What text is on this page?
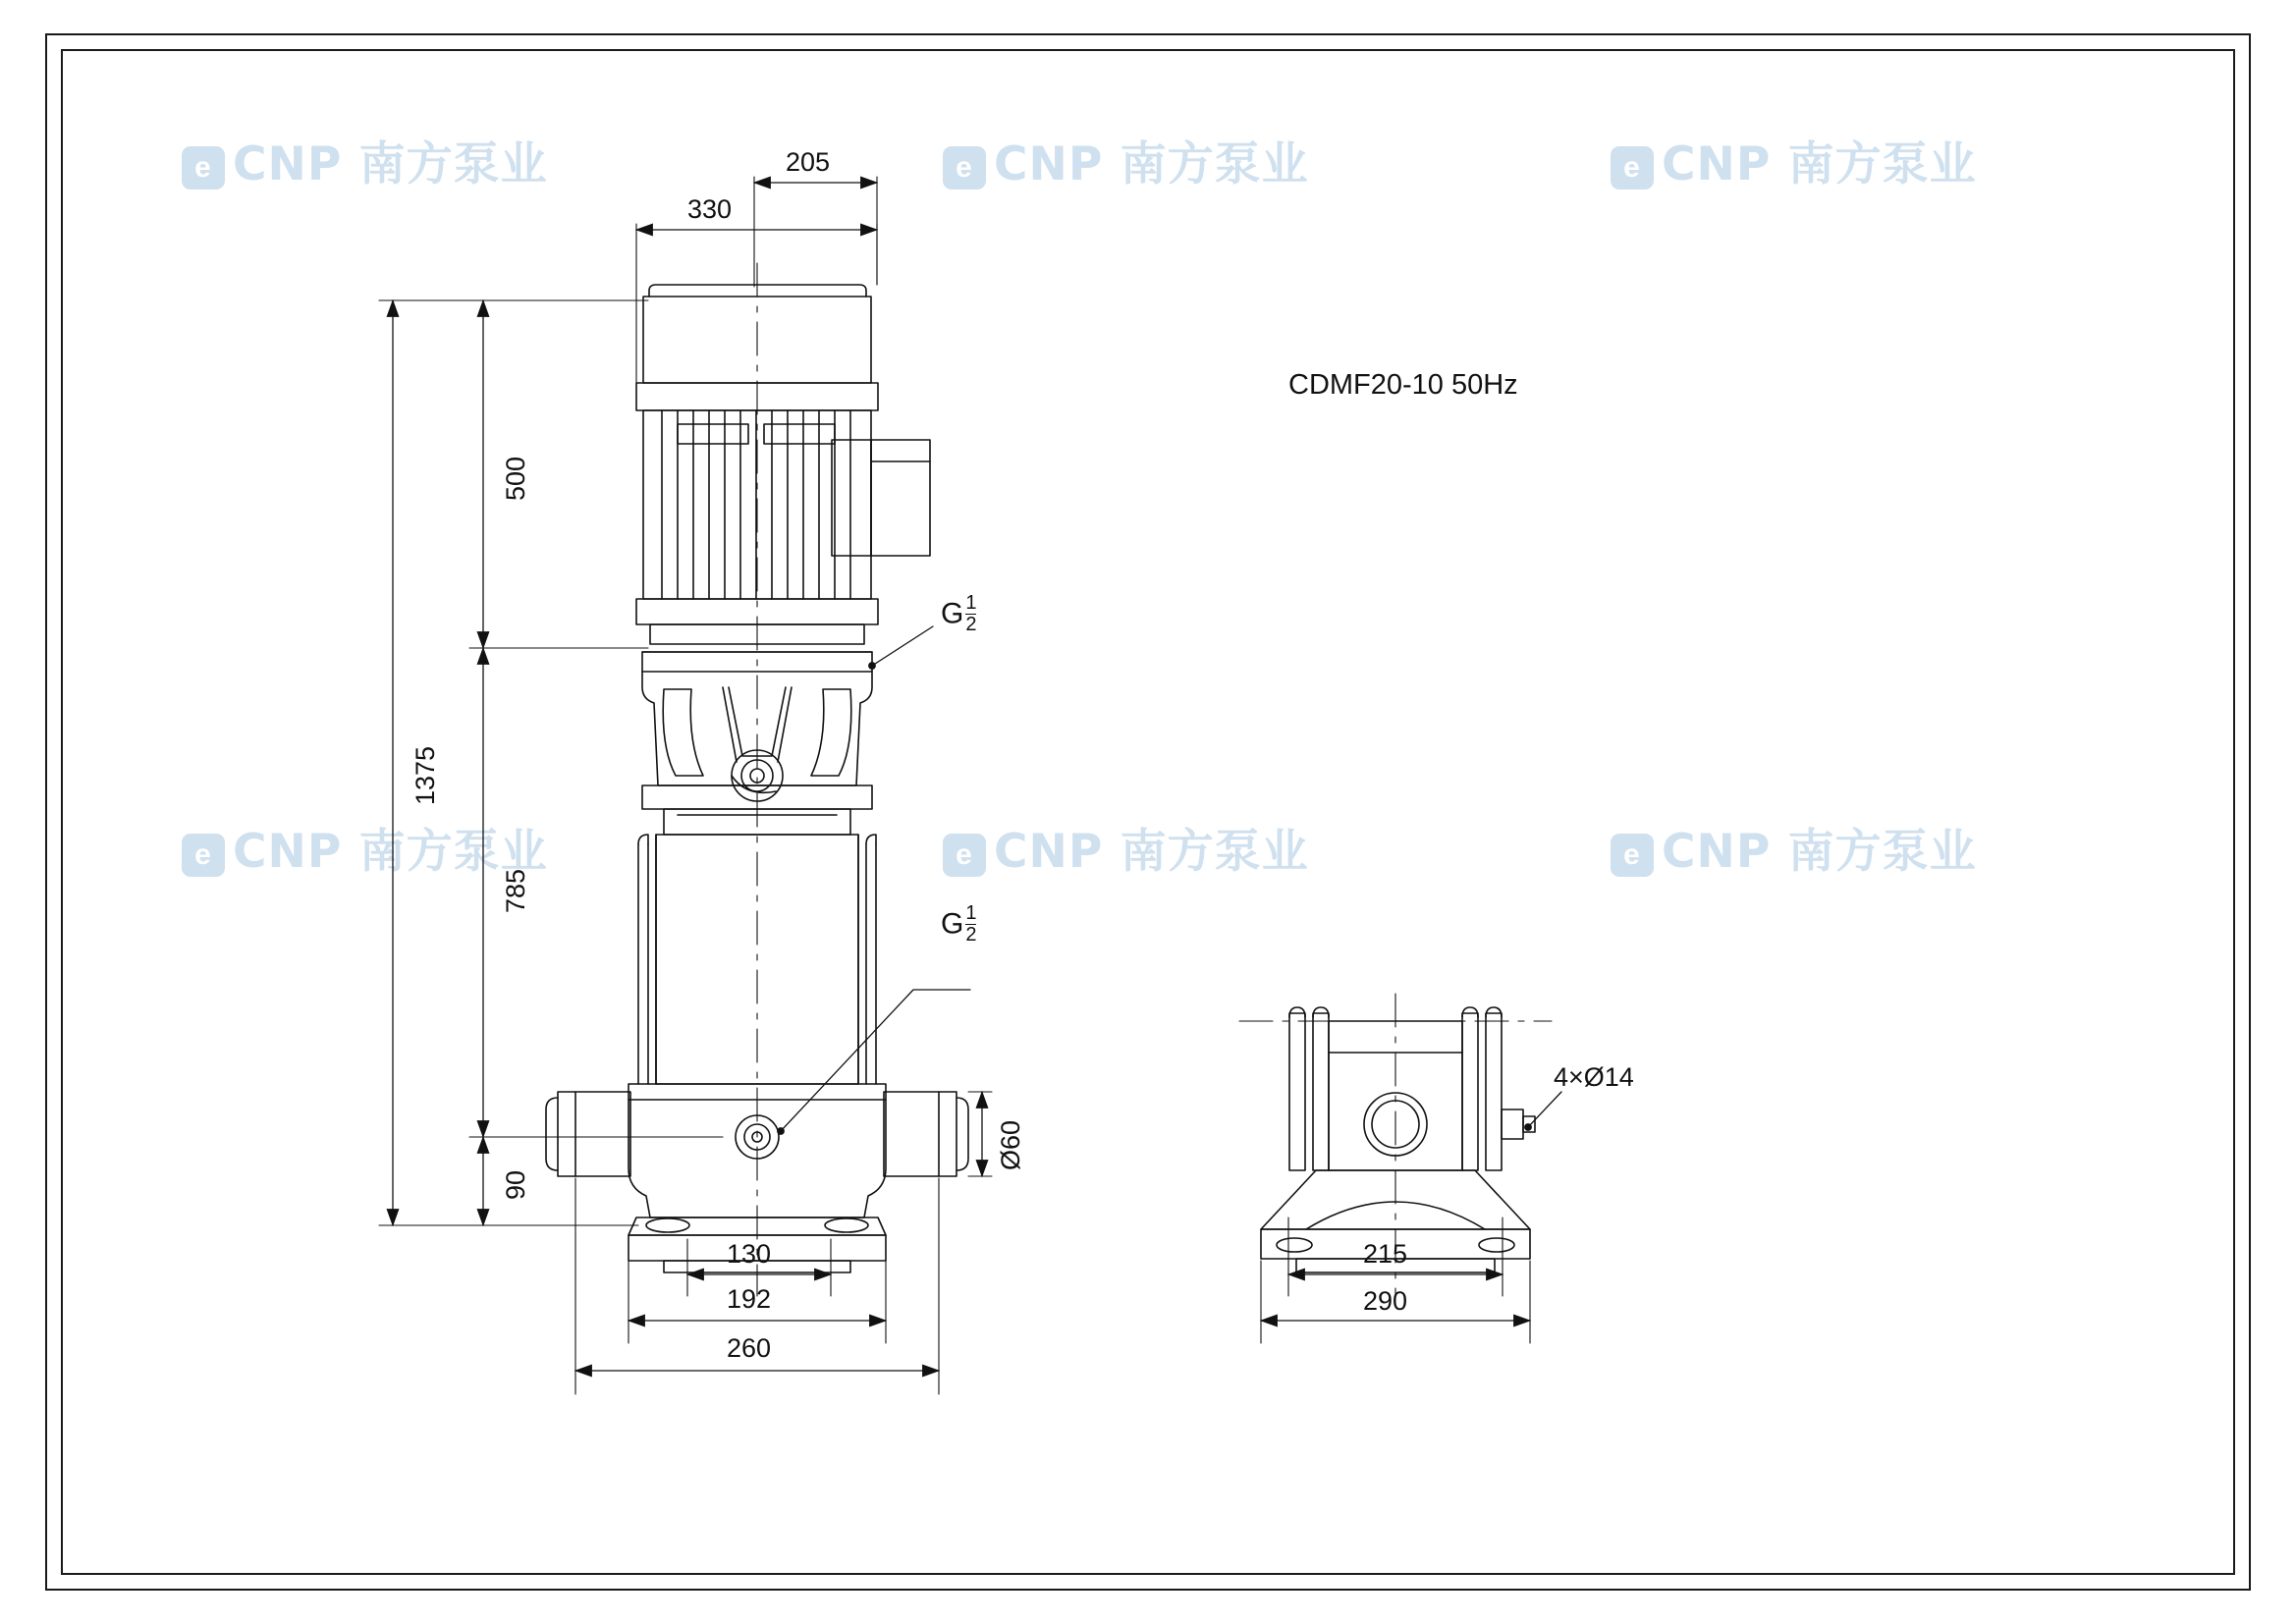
e CNP 南方泵业	e CNP 南方泵业	e CNP 南方泵业
e CNP 南方泵业	e CNP 南方泵业	e CNP 南方泵业
CDMF20-10 50Hz
G $\frac{1}{2}$
G $\frac{1}{2}$
205
330
500
1375
785
90
Ø60
130
192
260
215
290
4×Ø14
